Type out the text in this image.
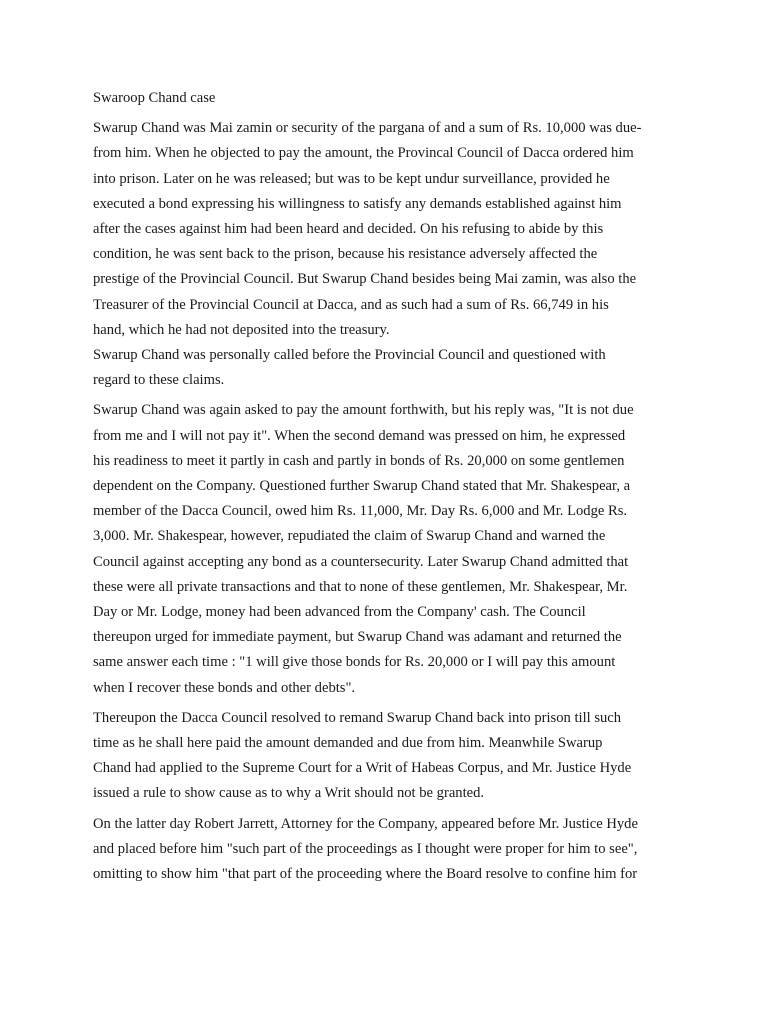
Swaroop Chand case
Swarup Chand was Mai zamin or security of the pargana of and a sum of Rs. 10,000 was due-
from him. When he objected to pay the amount, the Provincal Council of Dacca ordered him
into prison. Later on he was released; but was to be kept undur surveillance, provided he
executed a bond expressing his willingness to satisfy any demands established against him
after the cases against him had been heard and decided. On his refusing to abide by this
condition, he was sent back to the prison, because his resistance adversely affected the
prestige of the Provincial Council. But Swarup Chand besides being Mai zamin, was also the
Treasurer of the Provincial Council at Dacca, and as such had a sum of Rs. 66,749 in his
hand, which he had not deposited into the treasury.
Swarup Chand was personally called before the Provincial Council and questioned with
regard to these claims.
Swarup Chand was again asked to pay the amount forthwith, but his reply was, "It is not due
from me and I will not pay it". When the second demand was pressed on him, he expressed
his readiness to meet it partly in cash and partly in bonds of Rs. 20,000 on some gentlemen
dependent on the Company. Questioned further Swarup Chand stated that Mr. Shakespear, a
member of the Dacca Council, owed him Rs. 11,000, Mr. Day Rs. 6,000 and Mr. Lodge Rs.
3,000. Mr. Shakespear, however, repudiated the claim of Swarup Chand and warned the
Council against accepting any bond as a countersecurity. Later Swarup Chand admitted that
these were all private transactions and that to none of these gentlemen, Mr. Shakespear, Mr.
Day or Mr. Lodge, money had been advanced from the Company' cash. The Council
thereupon urged for immediate payment, but Swarup Chand was adamant and returned the
same answer each time : "1 will give those bonds for Rs. 20,000 or I will pay this amount
when I recover these bonds and other debts".
Thereupon the Dacca Council resolved to remand Swarup Chand back into prison till such
time as he shall here paid the amount demanded and due from him. Meanwhile Swarup
Chand had applied to the Supreme Court for a Writ of Habeas Corpus, and Mr. Justice Hyde
issued a rule to show cause as to why a Writ should not be granted.
On the latter day Robert Jarrett, Attorney for the Company, appeared before Mr. Justice Hyde
and placed before him "such part of the proceedings as I thought were proper for him to see",
omitting to show him "that part of the proceeding where the Board resolve to confine him for
